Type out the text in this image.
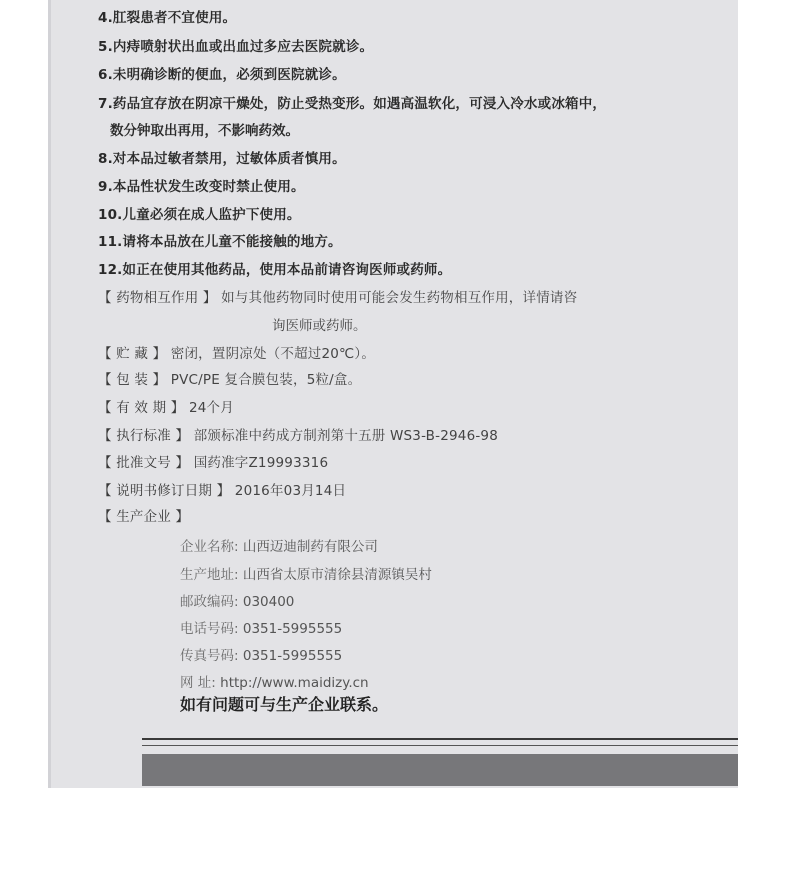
4.肛裂患者不宜使用。
5.内痔喷射状出血或出血过多应去医院就诊。
6.未明确诊断的便血，必须到医院就诊。
7.药品宜存放在阴凉干燥处，防止受热变形。如遇高温软化，可浸入冷水或冰箱中，
数分钟取出再用，不影响药效。
8.对本品过敏者禁用，过敏体质者慎用。
9.本品性状发生改变时禁止使用。
10.儿童必须在成人监护下使用。
11.请将本品放在儿童不能接触的地方。
12.如正在使用其他药品，使用本品前请咨询医师或药师。
【 药物相互作用 】 如与其他药物同时使用可能会发生药物相互作用，详情请咨
询医师或药师。
【 贮 藏 】 密闭，置阴凉处（不超过20℃）。
【 包 装 】 PVC/PE 复合膜包装，5粒/盒。
【 有 效 期 】 24个月
【 执行标准 】 部颁标准中药成方制剂第十五册 WS3-B-2946-98
【 批准文号 】 国药准字Z19993316
【 说明书修订日期 】 2016年03月14日
【 生产企业 】
企业名称: 山西迈迪制药有限公司
生产地址: 山西省太原市清徐县清源镇吴村
邮政编码: 030400
电话号码: 0351-5995555
传真号码: 0351-5995555
网 址: http://www.maidizy.cn
如有问题可与生产企业联系。
